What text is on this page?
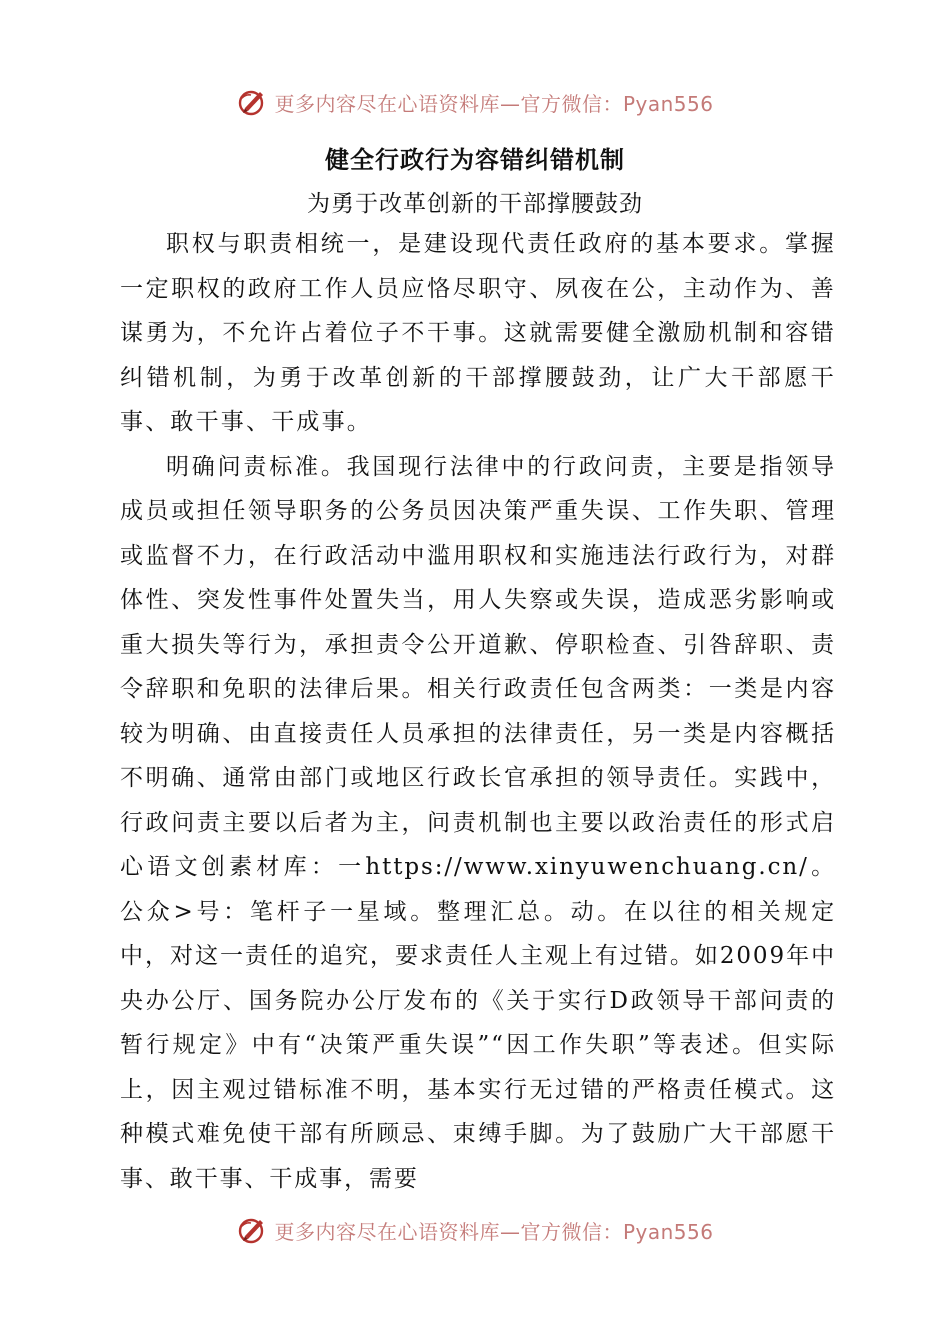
更多内容尽在心语资料库—官方微信：Pyan556
健全行政行为容错纠错机制
为勇于改革创新的干部撑腰鼓劲

职权与职责相统一，是建设现代责任政府的基本要求。掌握一定职权的政府工作人员应恪尽职守、夙夜在公，主动作为、善谋勇为，不允许占着位子不干事。这就需要健全激励机制和容错纠错机制，为勇于改革创新的干部撑腰鼓劲，让广大干部愿干事、敢干事、干成事。

明确问责标准。我国现行法律中的行政问责，主要是指领导成员或担任领导职务的公务员因决策严重失误、工作失职、管理或监督不力，在行政活动中滥用职权和实施违法行政行为，对群体性、突发性事件处置失当，用人失察或失误，造成恶劣影响或重大损失等行为，承担责令公开道歉、停职检查、引咎辞职、责令辞职和免职的法律后果。相关行政责任包含两类：一类是内容较为明确、由直接责任人员承担的法律责任，另一类是内容概括不明确、通常由部门或地区行政长官承担的领导责任。实践中，行政问责主要以后者为主，问责机制也主要以政治责任的形式启心语文创素材库：一https://www.xinyuwenchuang.cn/。公众>号：笔杆子一星域。整理汇总。动。在以往的相关规定中，对这一责任的追究，要求责任人主观上有过错。如2009年中央办公厅、国务院办公厅发布的《关于实行D政领导干部问责的暂行规定》中有“决策严重失误”“因工作失职”等表述。但实际上，因主观过错标准不明，基本实行无过错的严格责任模式。这种模式难免使干部有所顾忌、束缚手脚。为了鼓励广大干部愿干事、敢干事、干成事，需要

更多内容尽在心语资料库—官方微信：Pyan556
